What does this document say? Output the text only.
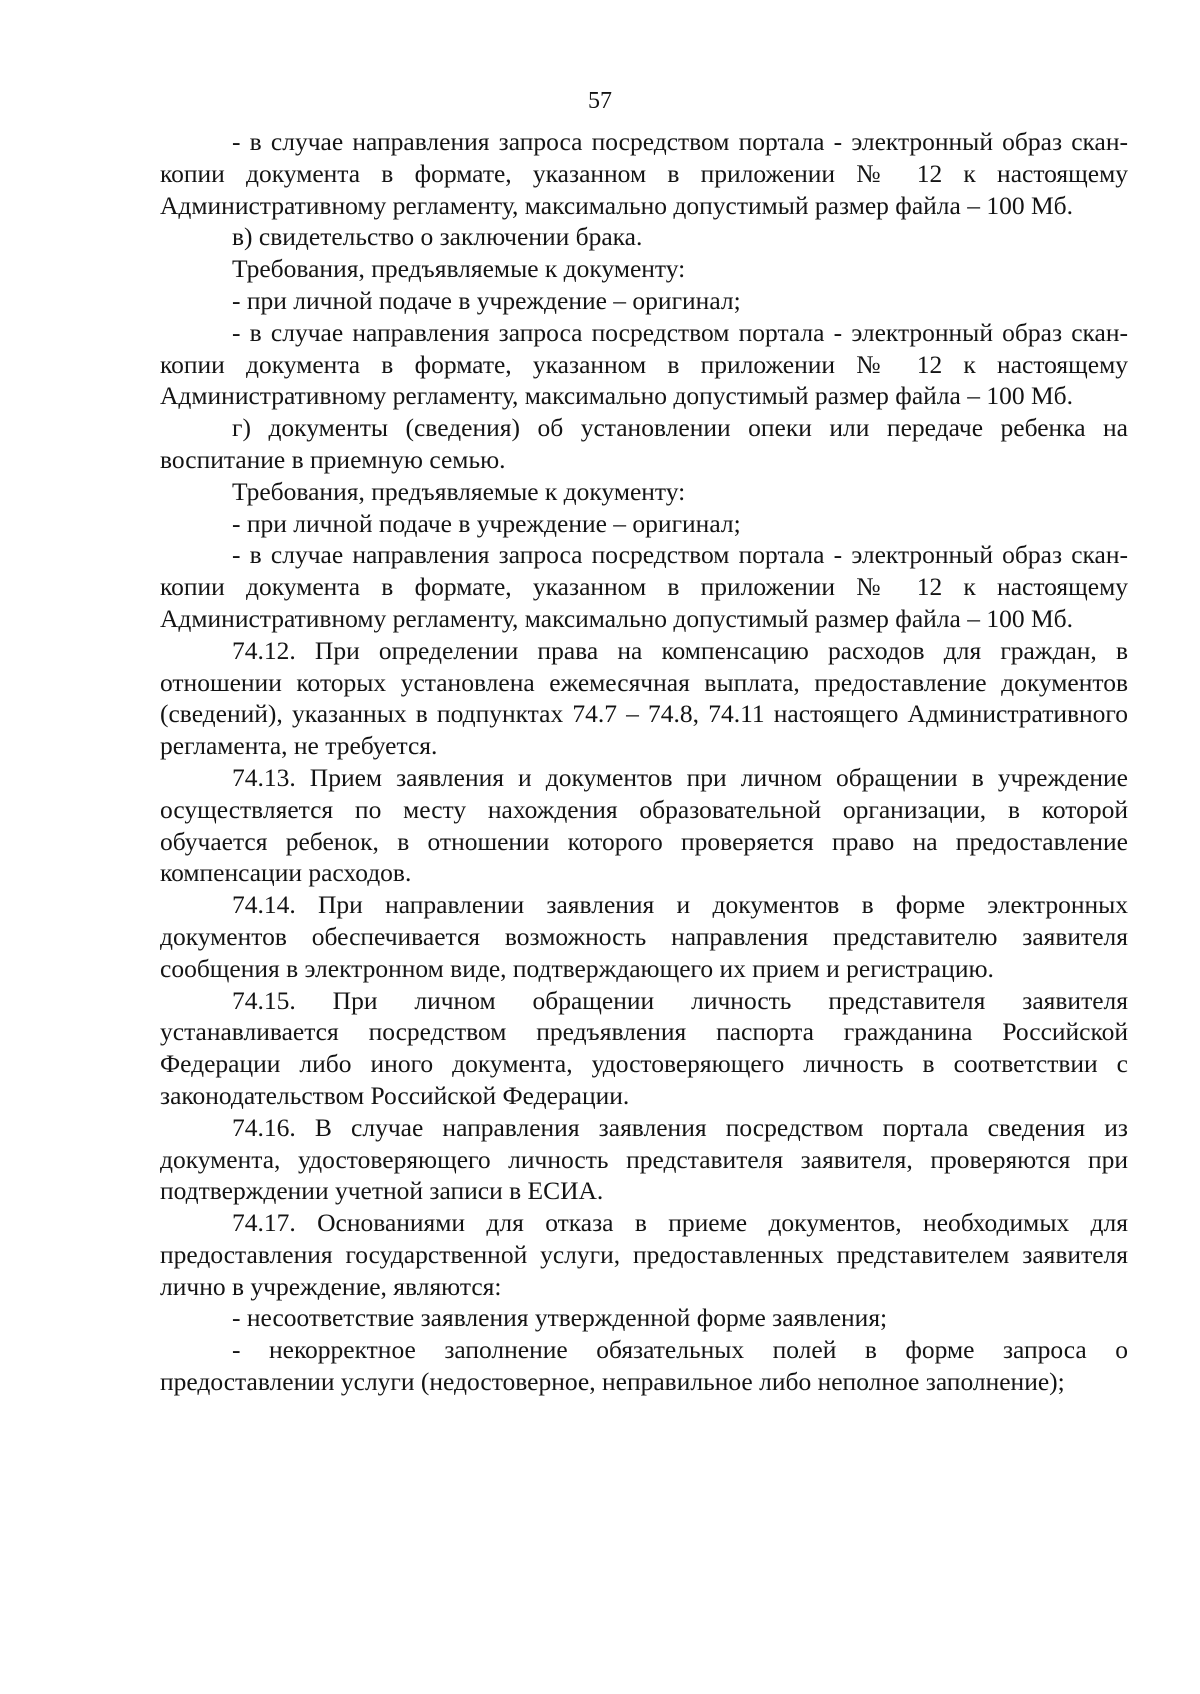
57

- в случае направления запроса посредством портала - электронный образ скан-копии документа в формате, указанном в приложении № 12 к настоящему Административному регламенту, максимально допустимый размер файла – 100 Мб.

в) свидетельство о заключении брака.

Требования, предъявляемые к документу:

- при личной подаче в учреждение – оригинал;

- в случае направления запроса посредством портала - электронный образ скан-копии документа в формате, указанном в приложении № 12 к настоящему Административному регламенту, максимально допустимый размер файла – 100 Мб.

г) документы (сведения) об установлении опеки или передаче ребенка на воспитание в приемную семью.

Требования, предъявляемые к документу:

- при личной подаче в учреждение – оригинал;

- в случае направления запроса посредством портала - электронный образ скан-копии документа в формате, указанном в приложении № 12 к настоящему Административному регламенту, максимально допустимый размер файла – 100 Мб.

74.12. При определении права на компенсацию расходов для граждан, в отношении которых установлена ежемесячная выплата, предоставление документов (сведений), указанных в подпунктах 74.7 – 74.8, 74.11 настоящего Административного регламента, не требуется.

74.13. Прием заявления и документов при личном обращении в учреждение осуществляется по месту нахождения образовательной организации, в которой обучается ребенок, в отношении которого проверяется право на предоставление компенсации расходов.

74.14. При направлении заявления и документов в форме электронных документов обеспечивается возможность направления представителю заявителя сообщения в электронном виде, подтверждающего их прием и регистрацию.

74.15. При личном обращении личность представителя заявителя устанавливается посредством предъявления паспорта гражданина Российской Федерации либо иного документа, удостоверяющего личность в соответствии с законодательством Российской Федерации.

74.16. В случае направления заявления посредством портала сведения из документа, удостоверяющего личность представителя заявителя, проверяются при подтверждении учетной записи в ЕСИА.

74.17. Основаниями для отказа в приеме документов, необходимых для предоставления государственной услуги, предоставленных представителем заявителя лично в учреждение, являются:

- несоответствие заявления утвержденной форме заявления;

- некорректное заполнение обязательных полей в форме запроса о предоставлении услуги (недостоверное, неправильное либо неполное заполнение);
